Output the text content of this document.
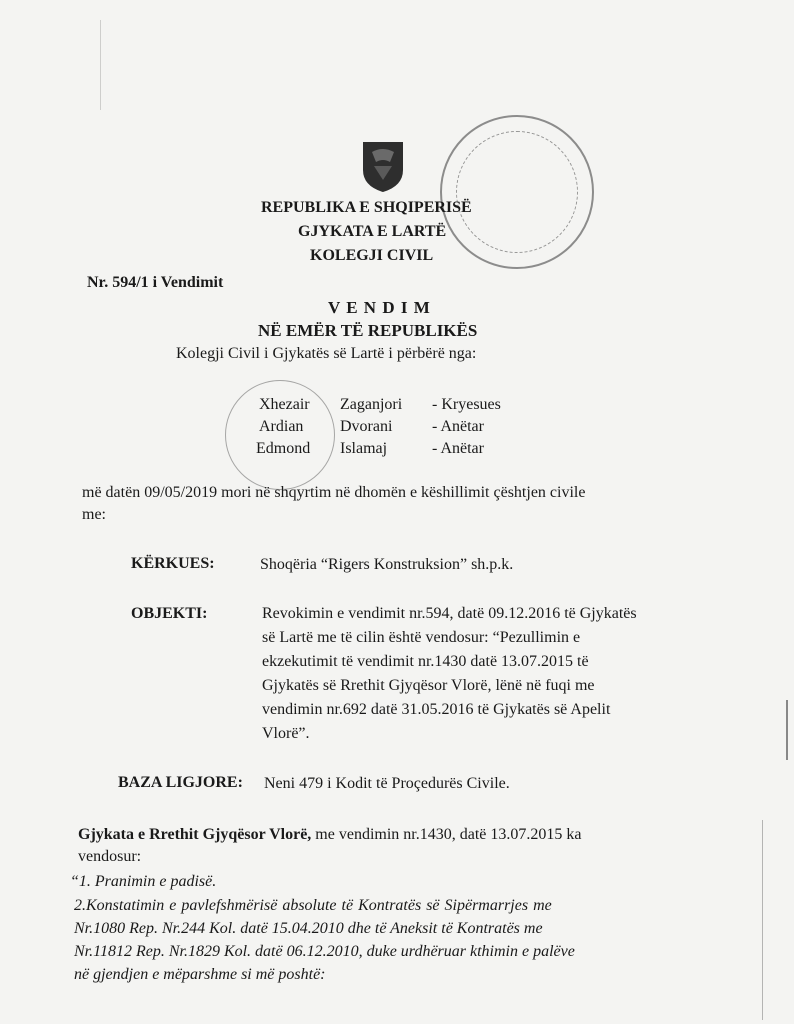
REPUBLIKA E SHQIPERISË
GJYKATA E LARTË
KOLEGJI CIVIL
Nr. 594/1 i Vendimit
V E N D I M
NË EMËR TË REPUBLIKËS
Kolegji Civil i Gjykatës së Lartë i përbërë nga:
Xhezair Zaganjori - Kryesues
Ardian Dvorani - Anëtar
Edmond Islamaj	- Anëtar
më datën 09/05/2019 mori në shqyrtim në dhomën e këshillimit çështjen civile
me:
KËRKUES:	Shoqëria “Rigers Konstruksion” sh.p.k.
OBJEKTI:	Revokimin e vendimit nr.594, datë 09.12.2016 të Gjykatës
së Lartë me të cilin është vendosur: “Pezullimin e
ekzekutimit të vendimit nr.1430 datë 13.07.2015 të
Gjykatës së Rrethit Gjyqësor Vlorë, lënë në fuqi me
vendimin nr.692 datë 31.05.2016 të Gjykatës së Apelit
Vlorë”.
BAZA LIGJORE: Neni 479 i Kodit të Proçedurës Civile.
Gjykata e Rrethit Gjyqësor Vlorë, me vendimin nr.1430, datë 13.07.2015 ka
vendosur:
“1. Pranimin e padisë.
2.Konstatimin e pavlefshmërisë absolute të Kontratës së Sipërmarrjes me
Nr.1080 Rep. Nr.244 Kol. datë 15.04.2010 dhe të Aneksit të Kontratës me
Nr.11812 Rep. Nr.1829 Kol. datë 06.12.2010, duke urdhëruar kthimin e palëve
në gjendjen e mëparshme si më poshtë:
